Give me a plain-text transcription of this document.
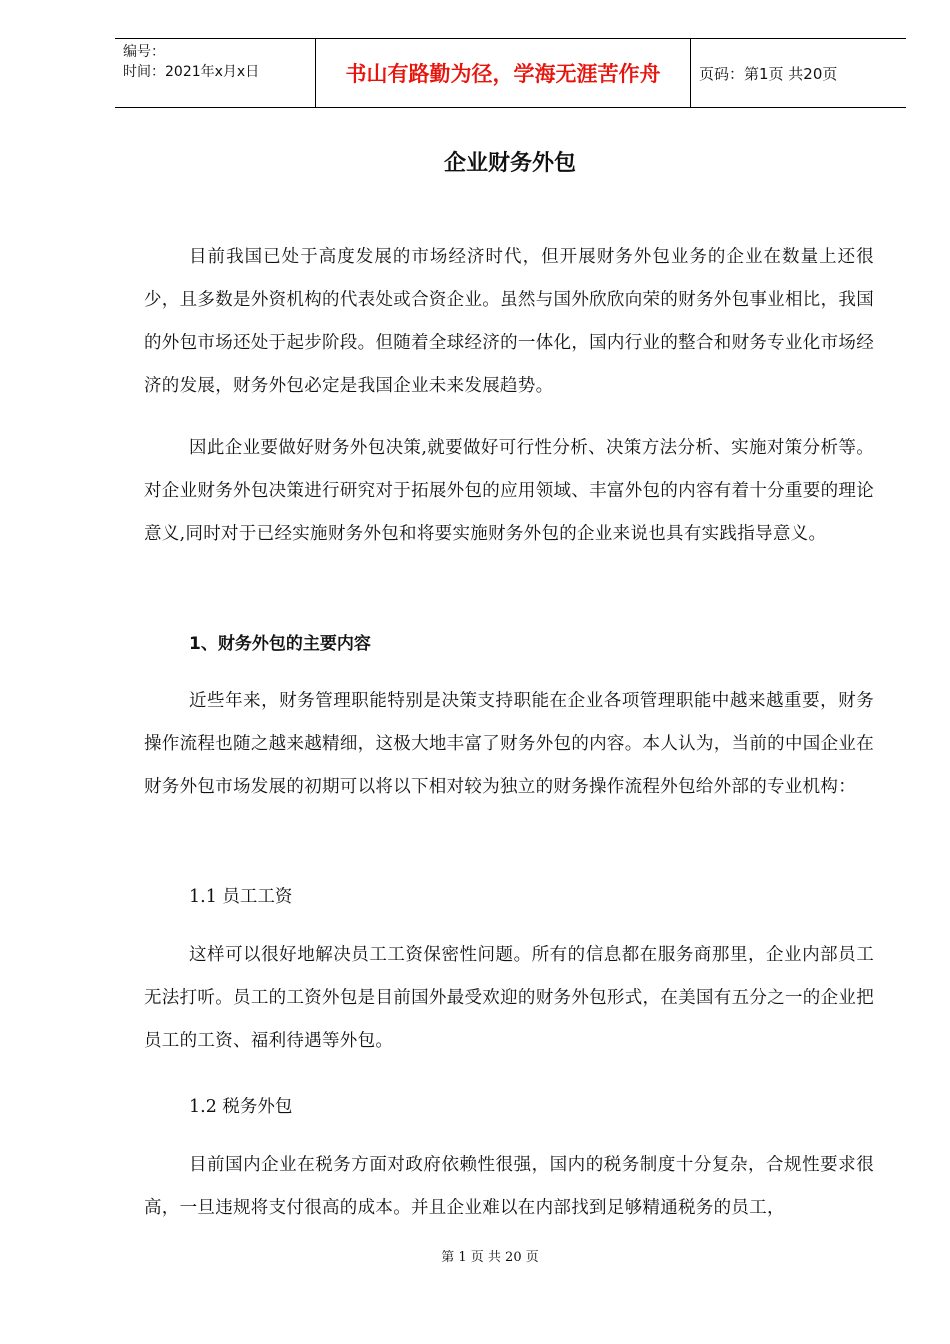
编号：
时间：2021年x月x日	书山有路勤为径，学海无涯苦作舟	页码：第1页 共20页
企业财务外包
目前我国已处于高度发展的市场经济时代，但开展财务外包业务的企业在数量上还很少，且多数是外资机构的代表处或合资企业。虽然与国外欣欣向荣的财务外包事业相比，我国的外包市场还处于起步阶段。但随着全球经济的一体化，国内行业的整合和财务专业化市场经济的发展，财务外包必定是我国企业未来发展趋势。
因此企业要做好财务外包决策,就要做好可行性分析、决策方法分析、实施对策分析等。对企业财务外包决策进行研究对于拓展外包的应用领域、丰富外包的内容有着十分重要的理论意义,同时对于已经实施财务外包和将要实施财务外包的企业来说也具有实践指导意义。
1、财务外包的主要内容
近些年来，财务管理职能特别是决策支持职能在企业各项管理职能中越来越重要，财务操作流程也随之越来越精细，这极大地丰富了财务外包的内容。本人认为，当前的中国企业在财务外包市场发展的初期可以将以下相对较为独立的财务操作流程外包给外部的专业机构：
1.1 员工工资
这样可以很好地解决员工工资保密性问题。所有的信息都在服务商那里，企业内部员工无法打听。员工的工资外包是目前国外最受欢迎的财务外包形式，在美国有五分之一的企业把员工的工资、福利待遇等外包。
1.2 税务外包
目前国内企业在税务方面对政府依赖性很强，国内的税务制度十分复杂，合规性要求很高，一旦违规将支付很高的成本。并且企业难以在内部找到足够精通税务的员工，
第 1 页 共 20 页
